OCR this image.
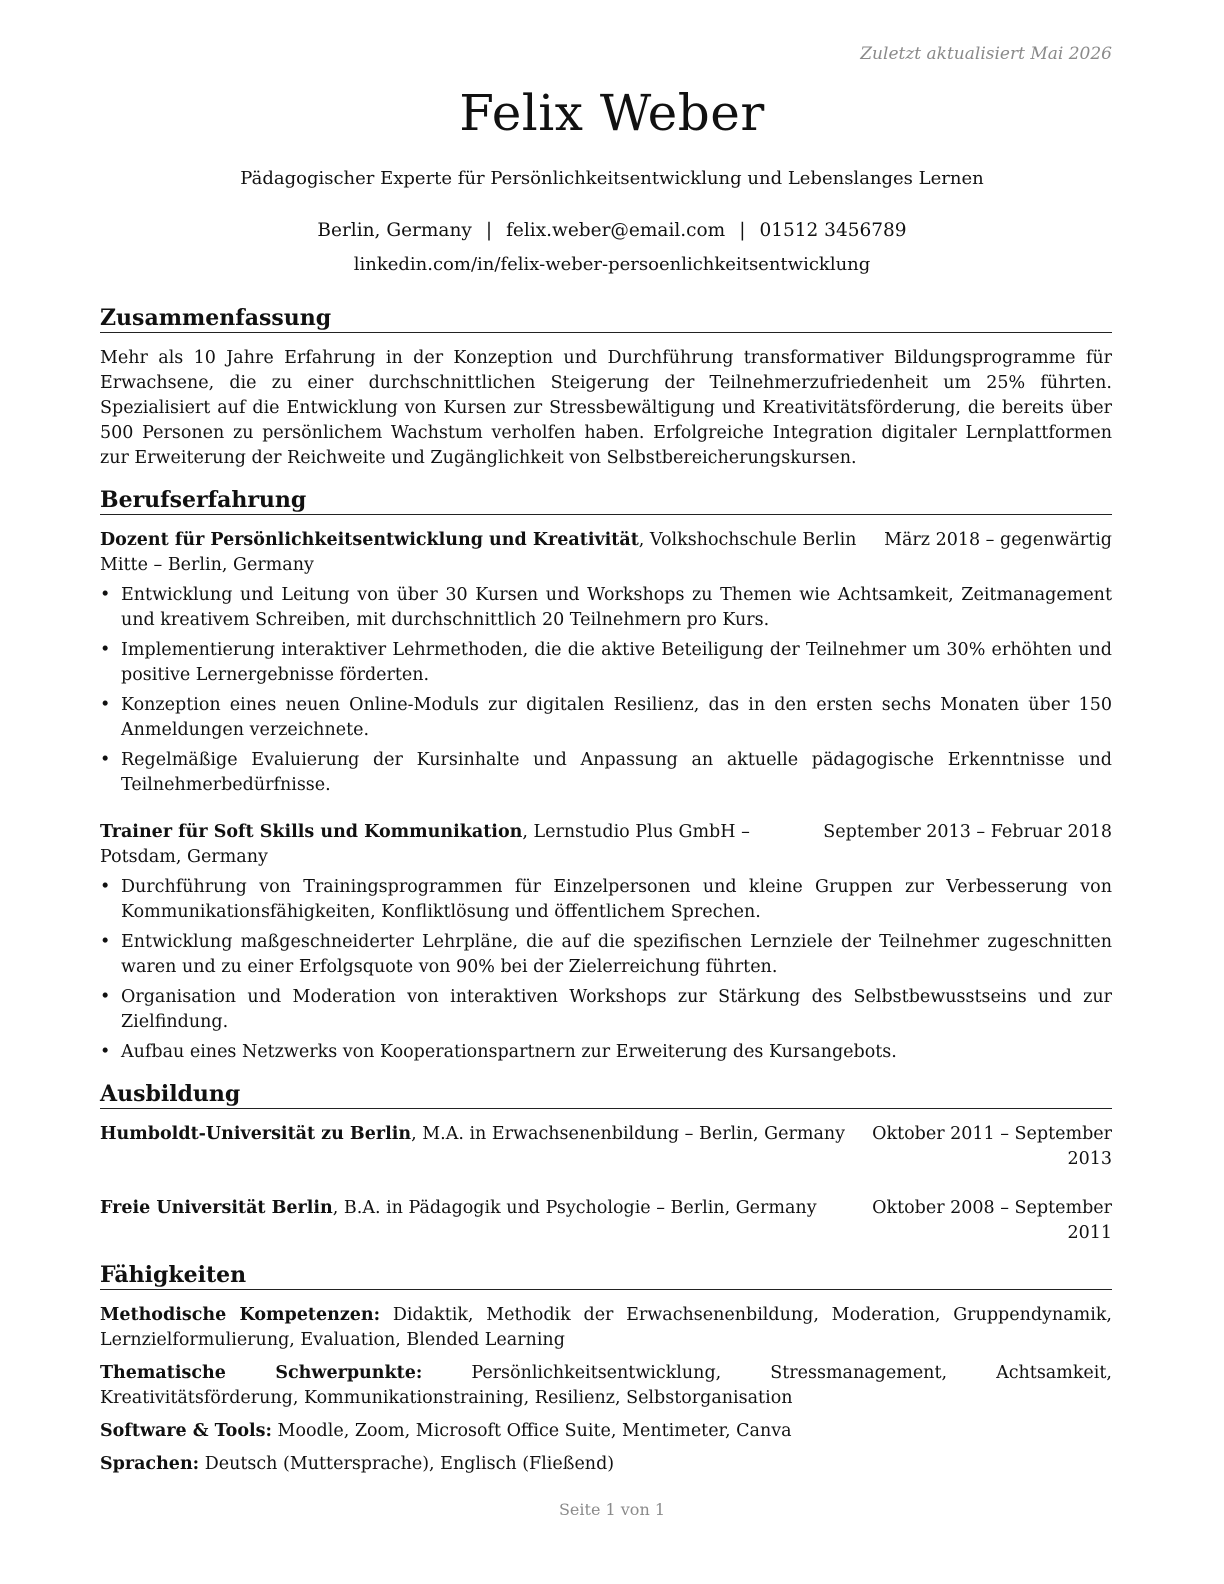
Zuletzt aktualisiert Mai 2026
Felix Weber
Pädagogischer Experte für Persönlichkeitsentwicklung und Lebenslanges Lernen
Berlin, Germany | felix.weber@email.com | 01512 3456789
linkedin.com/in/felix-weber-persoenlichkeitsentwicklung
Zusammenfassung

Mehr als 10 Jahre Erfahrung in der Konzeption und Durchführung transformativer Bildungsprogramme für Erwachsene, die zu einer durchschnittlichen Steigerung der Teilnehmerzufriedenheit um 25% führten. Spezialisiert auf die Entwicklung von Kursen zur Stressbewältigung und Kreativitätsförderung, die bereits über 500 Personen zu persönlichem Wachstum verholfen haben. Erfolgreiche Integration digitaler Lernplattformen zur Erweiterung der Reichweite und Zugänglichkeit von Selbstbereicherungskursen.

Berufserfahrung
März 2018 – gegenwärtig
Dozent für Persönlichkeitsentwicklung und Kreativität, Volkshochschule Berlin Mitte – Berlin, Germany
• Entwicklung und Leitung von über 30 Kursen und Workshops zu Themen wie Achtsamkeit, Zeitmanagement und kreativem Schreiben, mit durchschnittlich 20 Teilnehmern pro Kurs.
• Implementierung interaktiver Lehrmethoden, die die aktive Beteiligung der Teilnehmer um 30% erhöhten und positive Lernergebnisse förderten.
• Konzeption eines neuen Online-Moduls zur digitalen Resilienz, das in den ersten sechs Monaten über 150 Anmeldungen verzeichnete.
• Regelmäßige Evaluierung der Kursinhalte und Anpassung an aktuelle pädagogische Erkenntnisse und Teilnehmerbedürfnisse.
September 2013 – Februar 2018
Trainer für Soft Skills und Kommunikation, Lernstudio Plus GmbH – Potsdam, Germany
• Durchführung von Trainingsprogrammen für Einzelpersonen und kleine Gruppen zur Verbesserung von Kommunikationsfähigkeiten, Konfliktlösung und öffentlichem Sprechen.
• Entwicklung maßgeschneiderter Lehrpläne, die auf die spezifischen Lernziele der Teilnehmer zugeschnitten waren und zu einer Erfolgsquote von 90% bei der Zielerreichung führten.
• Organisation und Moderation von interaktiven Workshops zur Stärkung des Selbstbewusstseins und zur Zielfindung.
• Aufbau eines Netzwerks von Kooperationspartnern zur Erweiterung des Kursangebots.
Ausbildung
Humboldt-Universität zu Berlin, M.A. in Erwachsenenbildung – Berlin, Germany	Oktober 2011 – September 2013
Freie Universität Berlin, B.A. in Pädagogik und Psychologie – Berlin, Germany	Oktober 2008 – September 2011
Fähigkeiten

Methodische Kompetenzen: Didaktik, Methodik der Erwachsenenbildung, Moderation, Gruppendynamik, Lernzielformulierung, Evaluation, Blended Learning

Thematische Schwerpunkte: Persönlichkeitsentwicklung, Stressmanagement, Achtsamkeit, Kreativitätsförderung, Kommunikationstraining, Resilienz, Selbstorganisation

Software & Tools: Moodle, Zoom, Microsoft Office Suite, Mentimeter, Canva

Sprachen: Deutsch (Muttersprache), Englisch (Fließend)

Seite 1 von 1
